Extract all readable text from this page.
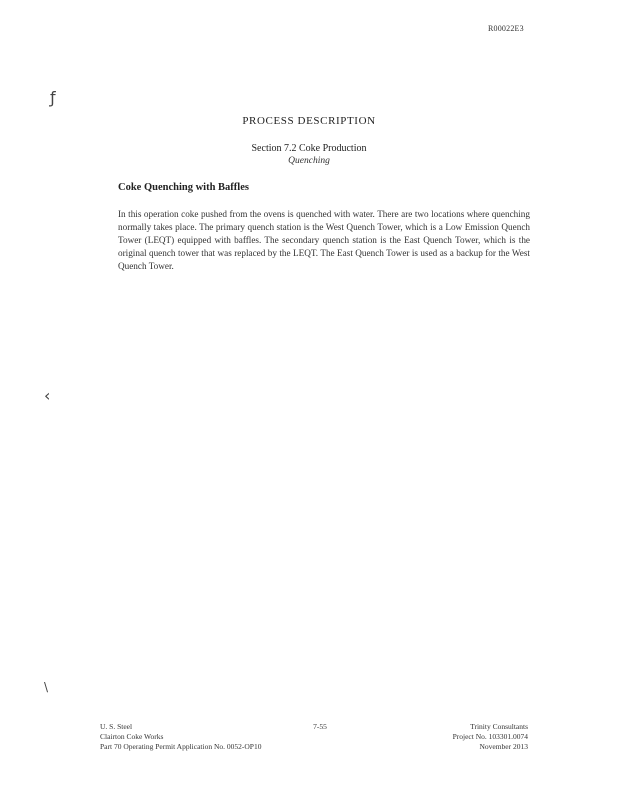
R00022E3
ƒ
‹
\
PROCESS DESCRIPTION
Section 7.2 Coke Production
Quenching
Coke Quenching with Baffles
In this operation coke pushed from the ovens is quenched with water. There are two locations where quenching normally takes place. The primary quench station is the West Quench Tower, which is a Low Emission Quench Tower (LEQT) equipped with baffles. The secondary quench station is the East Quench Tower, which is the original quench tower that was replaced by the LEQT. The East Quench Tower is used as a backup for the West Quench Tower.
U. S. Steel
Clairton Coke Works
Part 70 Operating Permit Application No. 0052-OP10
7-55	Trinity Consultants
Project No. 103301.0074
November 2013
